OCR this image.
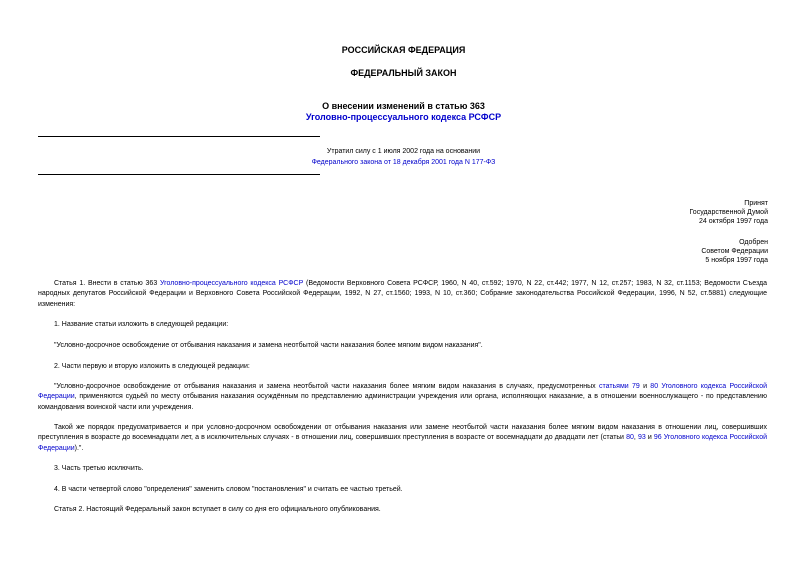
РОССИЙСКАЯ ФЕДЕРАЦИЯ
ФЕДЕРАЛЬНЫЙ ЗАКОН
О внесении изменений в статью 363
Уголовно-процессуального кодекса РСФСР
Утратил силу с 1 июля 2002 года на основании
Федерального закона от 18 декабря 2001 года N 177-ФЗ
Принят
Государственной Думой
24 октября 1997 года
Одобрен
Советом Федерации
5 ноября 1997 года
Статья 1. Внести в статью 363 Уголовно-процессуального кодекса РСФСР (Ведомости Верховного Совета РСФСР, 1960, N 40, ст.592; 1970, N 22, ст.442; 1977, N 12, ст.257; 1983, N 32, ст.1153; Ведомости Съезда народных депутатов Российской Федерации и Верховного Совета Российской Федерации, 1992, N 27, ст.1560; 1993, N 10, ст.360; Собрание законодательства Российской Федерации, 1996, N 52, ст.5881) следующие изменения:
1. Название статьи изложить в следующей редакции:
"Условно-досрочное освобождение от отбывания наказания и замена неотбытой части наказания более мягким видом наказания".
2. Части первую и вторую изложить в следующей редакции:
"Условно-досрочное освобождение от отбывания наказания и замена неотбытой части наказания более мягким видом наказания в случаях, предусмотренных статьями 79 и 80 Уголовного кодекса Российской Федерации, применяются судьёй по месту отбывания наказания осуждённым по представлению администрации учреждения или органа, исполняющих наказание, а в отношении военнослужащего - по представлению командования воинской части или учреждения.
Такой же порядок предусматривается и при условно-досрочном освобождении от отбывания наказания или замене неотбытой части наказания более мягким видом наказания в отношении лиц, совершивших преступления в возрасте до восемнадцати лет, а в исключительных случаях - в отношении лиц, совершивших преступления в возрасте от восемнадцати до двадцати лет (статьи 80, 93 и 96 Уголовного кодекса Российской Федерации).".
3. Часть третью исключить.
4. В части четвертой слово "определения" заменить словом "постановления" и считать ее частью третьей.
Статья 2. Настоящий Федеральный закон вступает в силу со дня его официального опубликования.
